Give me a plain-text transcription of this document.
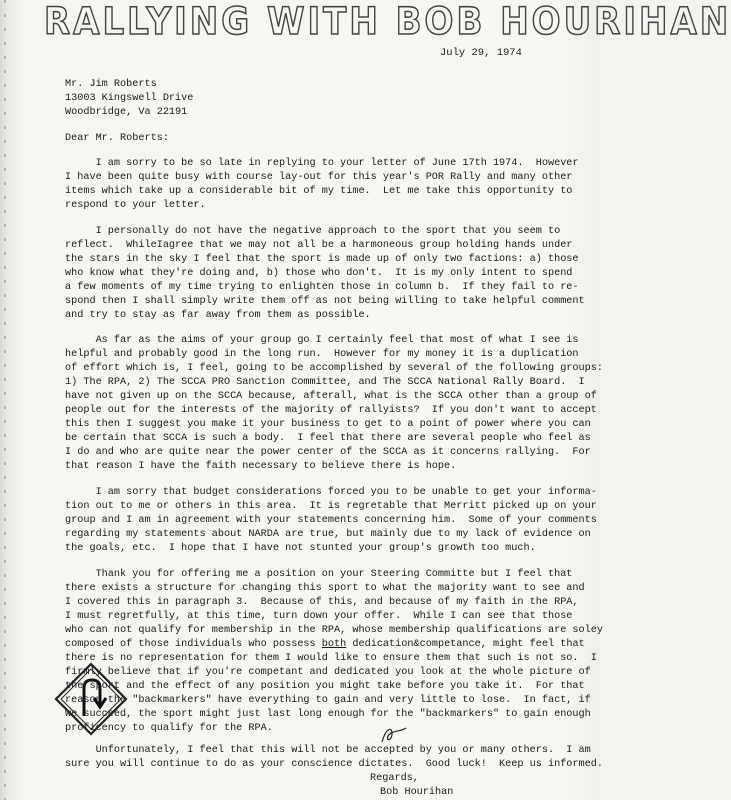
RALLYING WITH BOB HOURIHAN
July 29, 1974
Mr. Jim Roberts
13003 Kingswell Drive
Woodbridge, Va 22191
Dear Mr. Roberts:
I am sorry to be so late in replying to your letter of June 17th 1974.  However
I have been quite busy with course lay-out for this year's POR Rally and many other
items which take up a considerable bit of my time.  Let me take this opportunity to
respond to your letter.
I personally do not have the negative approach to the sport that you seem to
reflect.  WhileIagree that we may not all be a harmoneous group holding hands under
the stars in the sky I feel that the sport is made up of only two factions: a) those
who know what they're doing and, b) those who don't.  It is my only intent to spend
a few moments of my time trying to enlighten those in column b.  If they fail to re-
spond then I shall simply write them off as not being willing to take helpful comment
and try to stay as far away from them as possible.
As far as the aims of your group go I certainly feel that most of what I see is
helpful and probably good in the long run.  However for my money it is a duplication
of effort which is, I feel, going to be accomplished by several of the following groups:
1) The RPA, 2) The SCCA PRO Sanction Committee, and The SCCA National Rally Board.  I
have not given up on the SCCA because, afterall, what is the SCCA other than a group of
people out for the interests of the majority of rallyists?  If you don't want to accept
this then I suggest you make it your business to get to a point of power where you can
be certain that SCCA is such a body.  I feel that there are several people who feel as
I do and who are quite near the power center of the SCCA as it concerns rallying.  For
that reason I have the faith necessary to believe there is hope.
I am sorry that budget considerations forced you to be unable to get your informa-
tion out to me or others in this area.  It is regretable that Merritt picked up on your
group and I am in agreement with your statements concerning him.  Some of your comments
regarding my statements about NARDA are true, but mainly due to my lack of evidence on
the goals, etc.  I hope that I have not stunted your group's growth too much.
Thank you for offering me a position on your Steering Committe but I feel that
there exists a structure for changing this sport to what the majority want to see and
I covered this in paragraph 3.  Because of this, and because of my faith in the RPA,
I must regretfully, at this time, turn down your offer.  While I can see that those
who can not qualify for membership in the RPA, whose membership qualifications are soley
composed of those individuals who possess both dedication&competance, might feel that
there is no representation for them I would like to ensure them that such is not so.  I
firmly believe that if you're competant and dedicated you look at the whole picture of
the sport and the effect of any position you might take before you take it.  For that
reason the "backmarkers" have everything to gain and very little to lose.  In fact, if
we succeed, the sport might just last long enough for the "backmarkers" to gain enough
proficency to qualify for the RPA.
Unfortunately, I feel that this will not be accepted by you or many others.  I am
sure you will continue to do as your conscience dictates.  Good luck!  Keep us informed.
Regards,
Bob Hourihan
